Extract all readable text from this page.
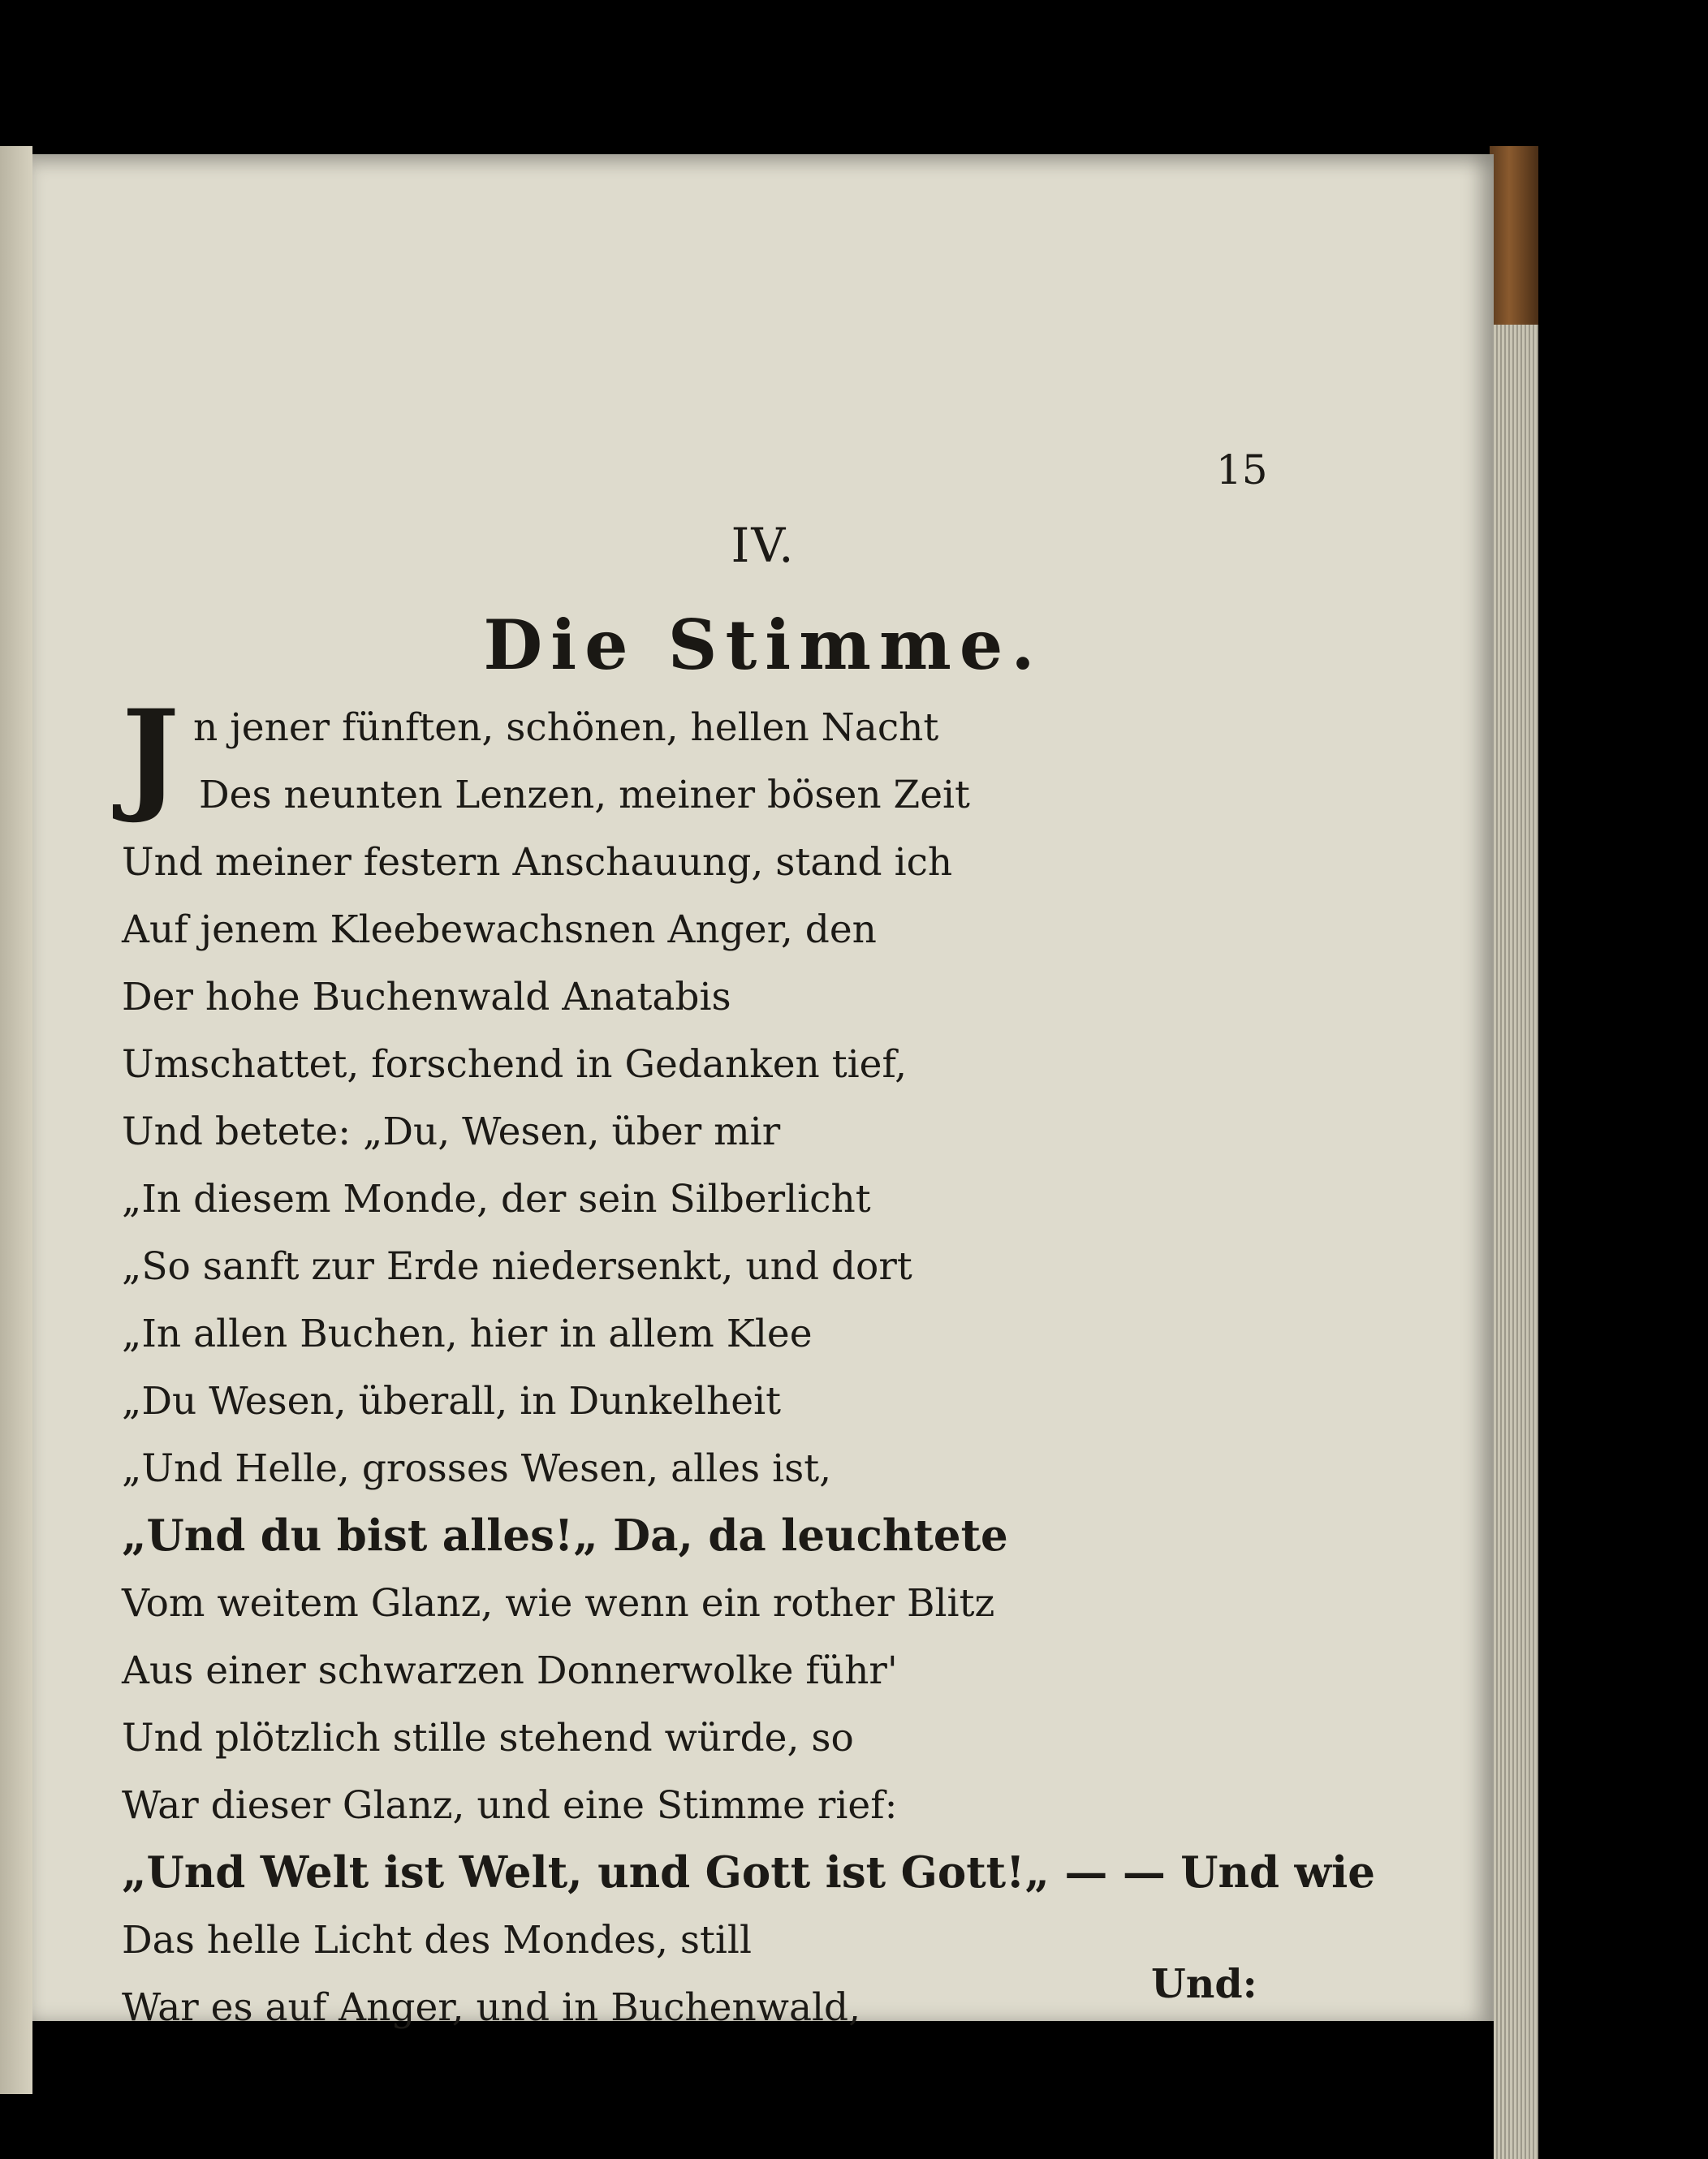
15
IV.
Die Stimme.
J n jener fünften, schönen, hellen Nacht
Des neunten Lenzen, meiner bösen Zeit
Und meiner festern Anschauung, stand ich
Auf jenem Kleebewachsnen Anger, den
Der hohe Buchenwald Anatabis
Umschattet, forschend in Gedanken tief,
Und betete: „Du, Wesen, über mir
„In diesem Monde, der sein Silberlicht
„So sanft zur Erde niedersenkt, und dort
„In allen Buchen, hier in allem Klee
„Du Wesen, überall, in Dunkelheit
„Und Helle, grosses Wesen, alles ist,
„Und du bist alles!„ Da, da leuchtete
Vom weitem Glanz, wie wenn ein rother Blitz
Aus einer schwarzen Donnerwolke führ'
Und plötzlich stille stehend würde, so
War dieser Glanz, und eine Stimme rief:
„Und Welt ist Welt, und Gott ist Gott!„ — — Und wie
Das helle Licht des Mondes, still
War es auf Anger, und in Buchenwald,
Und:
